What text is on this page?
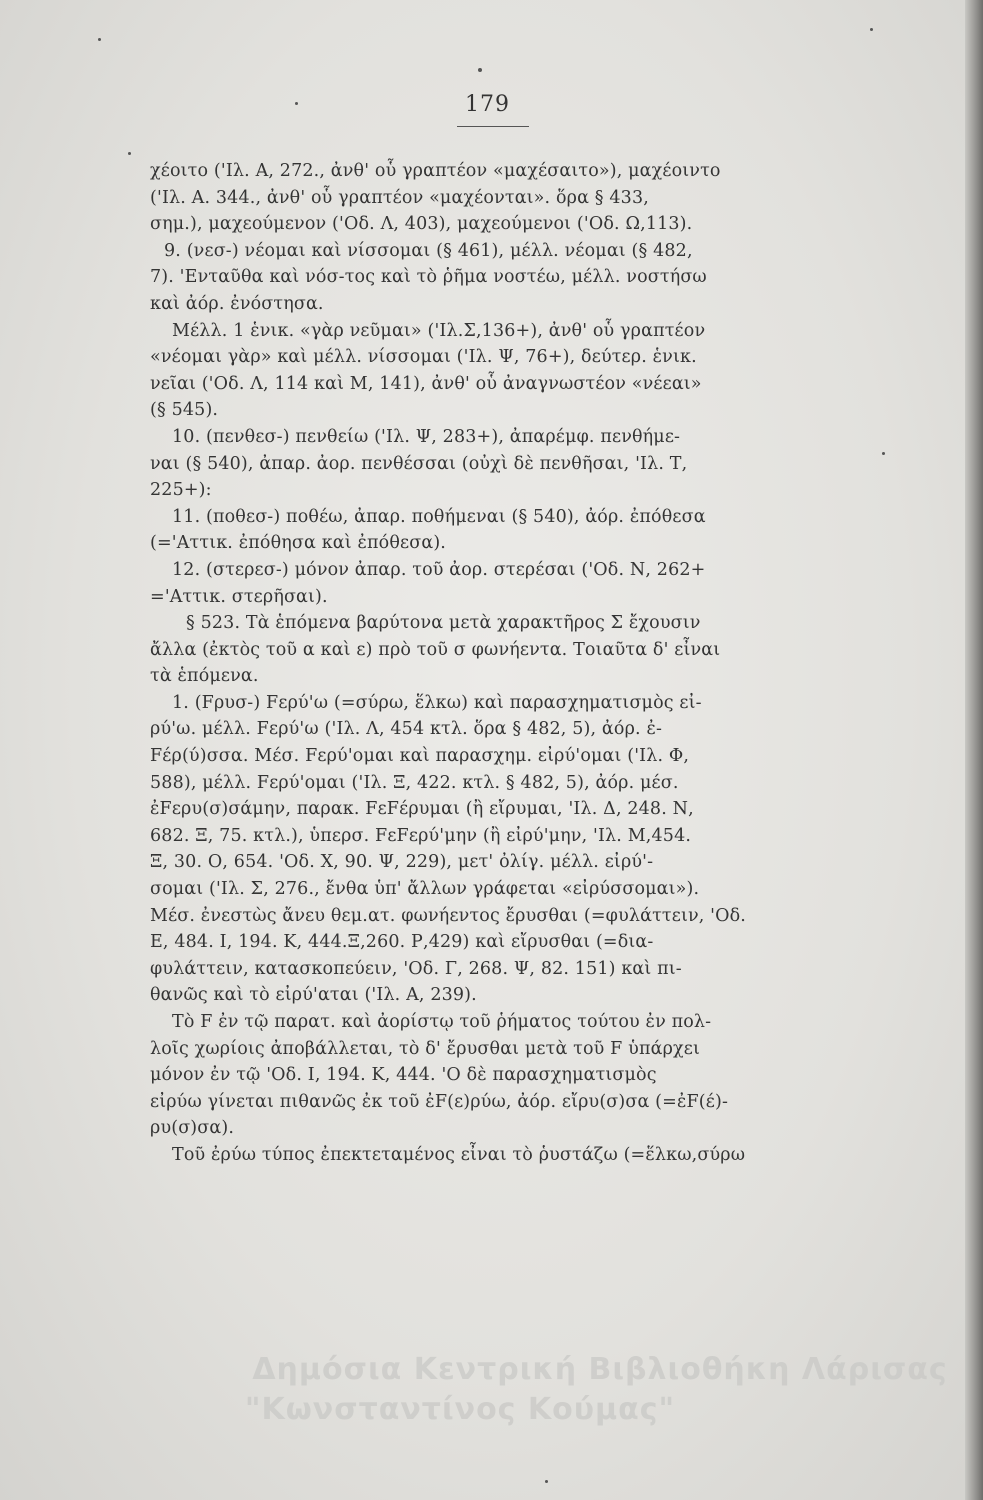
179
χέοιτο ('Ιλ. Α, 272., ἀνθ' οὗ γραπτέον «μαχέσαιτο»), μαχέοιντο
('Ιλ. Α. 344., ἀνθ' οὗ γραπτέον «μαχέονται». ὅρα § 433,
σημ.), μαχεούμενον ('Οδ. Λ, 403), μαχεούμενοι ('Οδ. Ω,113).
9. (νεσ-) νέομαι καὶ νίσσομαι (§ 461), μέλλ. νέομαι (§ 482,
7). 'Ενταῦθα καὶ νόσ-τος καὶ τὸ ῥῆμα νοστέω, μέλλ. νοστήσω
καὶ ἀόρ. ἐνόστησα.
Μέλλ. 1 ἑνικ. «γὰρ νεῦμαι» ('Ιλ.Σ,136+), ἀνθ' οὗ γραπτέον
«νέομαι γὰρ» καὶ μέλλ. νίσσομαι ('Ιλ. Ψ, 76+), δεύτερ. ἑνικ.
νεῖαι ('Οδ. Λ, 114 καὶ Μ, 141), ἀνθ' οὗ ἀναγνωστέον «νέεαι»
(§ 545).
10. (πενθεσ-) πενθείω ('Ιλ. Ψ, 283+), ἀπαρέμφ. πενθήμε-
ναι (§ 540), ἀπαρ. ἀορ. πενθέσσαι (οὐχὶ δὲ πενθῆσαι, 'Ιλ. Τ,
225+):
11. (ποθεσ-) ποθέω, ἀπαρ. ποθήμεναι (§ 540), ἀόρ. ἐπόθεσα
(='Αττικ. ἐπόθησα καὶ ἐπόθεσα).
12. (στερεσ-) μόνον ἀπαρ. τοῦ ἀορ. στερέσαι ('Οδ. Ν, 262+
='Αττικ. στερῆσαι).
§ 523. Τὰ ἑπόμενα βαρύτονα μετὰ χαρακτῆρος Σ ἔχουσιν
ἄλλα (ἐκτὸς τοῦ α καὶ ε) πρὸ τοῦ σ φωνήεντα. Τοιαῦτα δ' εἶναι
τὰ ἑπόμενα.
1. (Fρυσ-) Fερύ'ω (=σύρω, ἕλκω) καὶ παρασχηματισμὸς εἰ-
ρύ'ω. μέλλ. Fερύ'ω ('Ιλ. Λ, 454 κτλ. ὅρα § 482, 5), ἀόρ. ἐ-
Fέρ(ύ)σσα. Μέσ. Fερύ'ομαι καὶ παρασχημ. εἰρύ'ομαι ('Ιλ. Φ,
588), μέλλ. Fερύ'ομαι ('Ιλ. Ξ, 422. κτλ. § 482, 5), ἀόρ. μέσ.
ἐFερυ(σ)σάμην, παρακ. FεFέρυμαι (ἢ εἴρυμαι, 'Ιλ. Δ, 248. Ν,
682. Ξ, 75. κτλ.), ὑπερσ. FεFερύ'μην (ἢ εἰρύ'μην, 'Ιλ. Μ,454.
Ξ, 30. Ο, 654. 'Οδ. Χ, 90. Ψ, 229), μετ' ὀλίγ. μέλλ. εἰρύ'-
σομαι ('Ιλ. Σ, 276., ἔνθα ὑπ' ἄλλων γράφεται «εἰρύσσομαι»).
Μέσ. ἐνεστὼς ἄνευ θεμ.ατ. φωνήεντος ἔρυσθαι (=φυλάττειν, 'Οδ.
Ε, 484. Ι, 194. Κ, 444.Ξ,260. Ρ,429) καὶ εἴρυσθαι (=δια-
φυλάττειν, κατασκοπεύειν, 'Οδ. Γ, 268. Ψ, 82. 151) καὶ πι-
θανῶς καὶ τὸ εἰρύ'αται ('Ιλ. Α, 239).
Τὸ F ἐν τῷ παρατ. καὶ ἀορίστῳ τοῦ ῥήματος τούτου ἐν πολ-
λοῖς χωρίοις ἀποβάλλεται, τὸ δ' ἔρυσθαι μετὰ τοῦ F ὑπάρχει
μόνον ἐν τῷ 'Οδ. Ι, 194. Κ, 444. 'Ο δὲ παρασχηματισμὸς
εἰρύω γίνεται πιθανῶς ἐκ τοῦ ἐF(ε)ρύω, ἀόρ. εἴρυ(σ)σα (=ἐF(έ)-
ρυ(σ)σα).
Τοῦ ἐρύω τύπος ἐπεκτεταμένος εἶναι τὸ ῥυστάζω (=ἕλκω,σύρω
Δημόσια Κεντρική Βιβλιοθήκη Λάρισας
"Κωνσταντίνος Κούμας"
